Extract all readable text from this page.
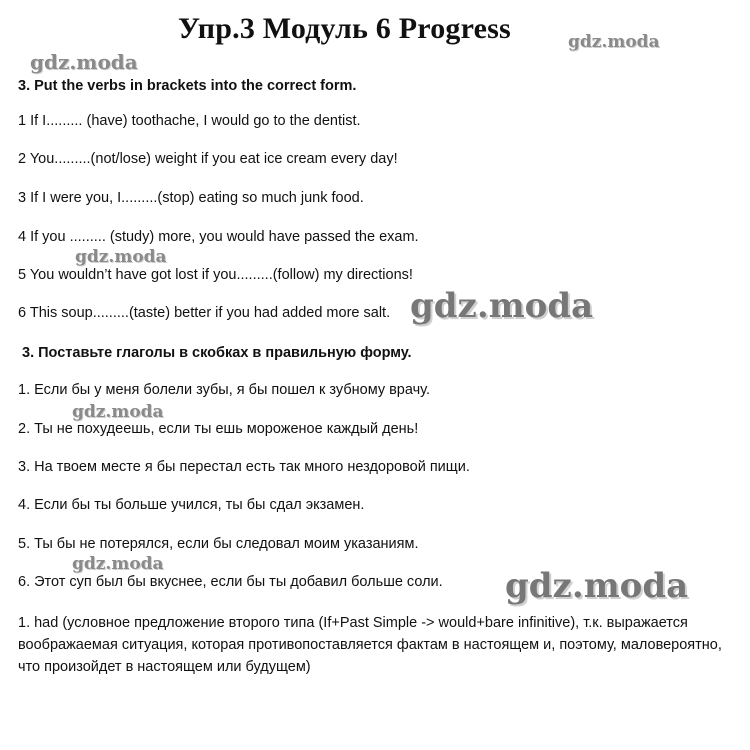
Упр.3 Модуль 6 Progress
3. Put the verbs in brackets into the correct form.
1 If I......... (have) toothache, I would go to the dentist.
2 You.........(not/lose) weight if you eat ice cream every day!
3 If I were you, I.........(stop) eating so much junk food.
4 If you ......... (study) more, you would have passed the exam.
5 You wouldn’t have got lost if you.........(follow) my directions!
6 This soup.........(taste) better if you had added more salt.
3. Поставьте глаголы в скобках в правильную форму.
1. Если бы у меня болели зубы, я бы пошел к зубному врачу.
2. Ты не похудеешь, если ты ешь мороженое каждый день!
3. На твоем месте я бы перестал есть так много нездоровой пищи.
4. Если бы ты больше учился, ты бы сдал экзамен.
5. Ты бы не потерялся, если бы следовал моим указаниям.
6. Этот суп был бы вкуснее, если бы ты добавил больше соли.
1. had (условное предложение второго типа (If+Past Simple -> would+bare infinitive), т.к. выражается воображаемая ситуация, которая противопоставляется фактам в настоящем и, поэтому, маловероятно, что произойдет в настоящем или будущем)
gdz.moda
gdz.moda
gdz.moda
gdz.moda
gdz.moda
gdz.moda
gdz.moda
